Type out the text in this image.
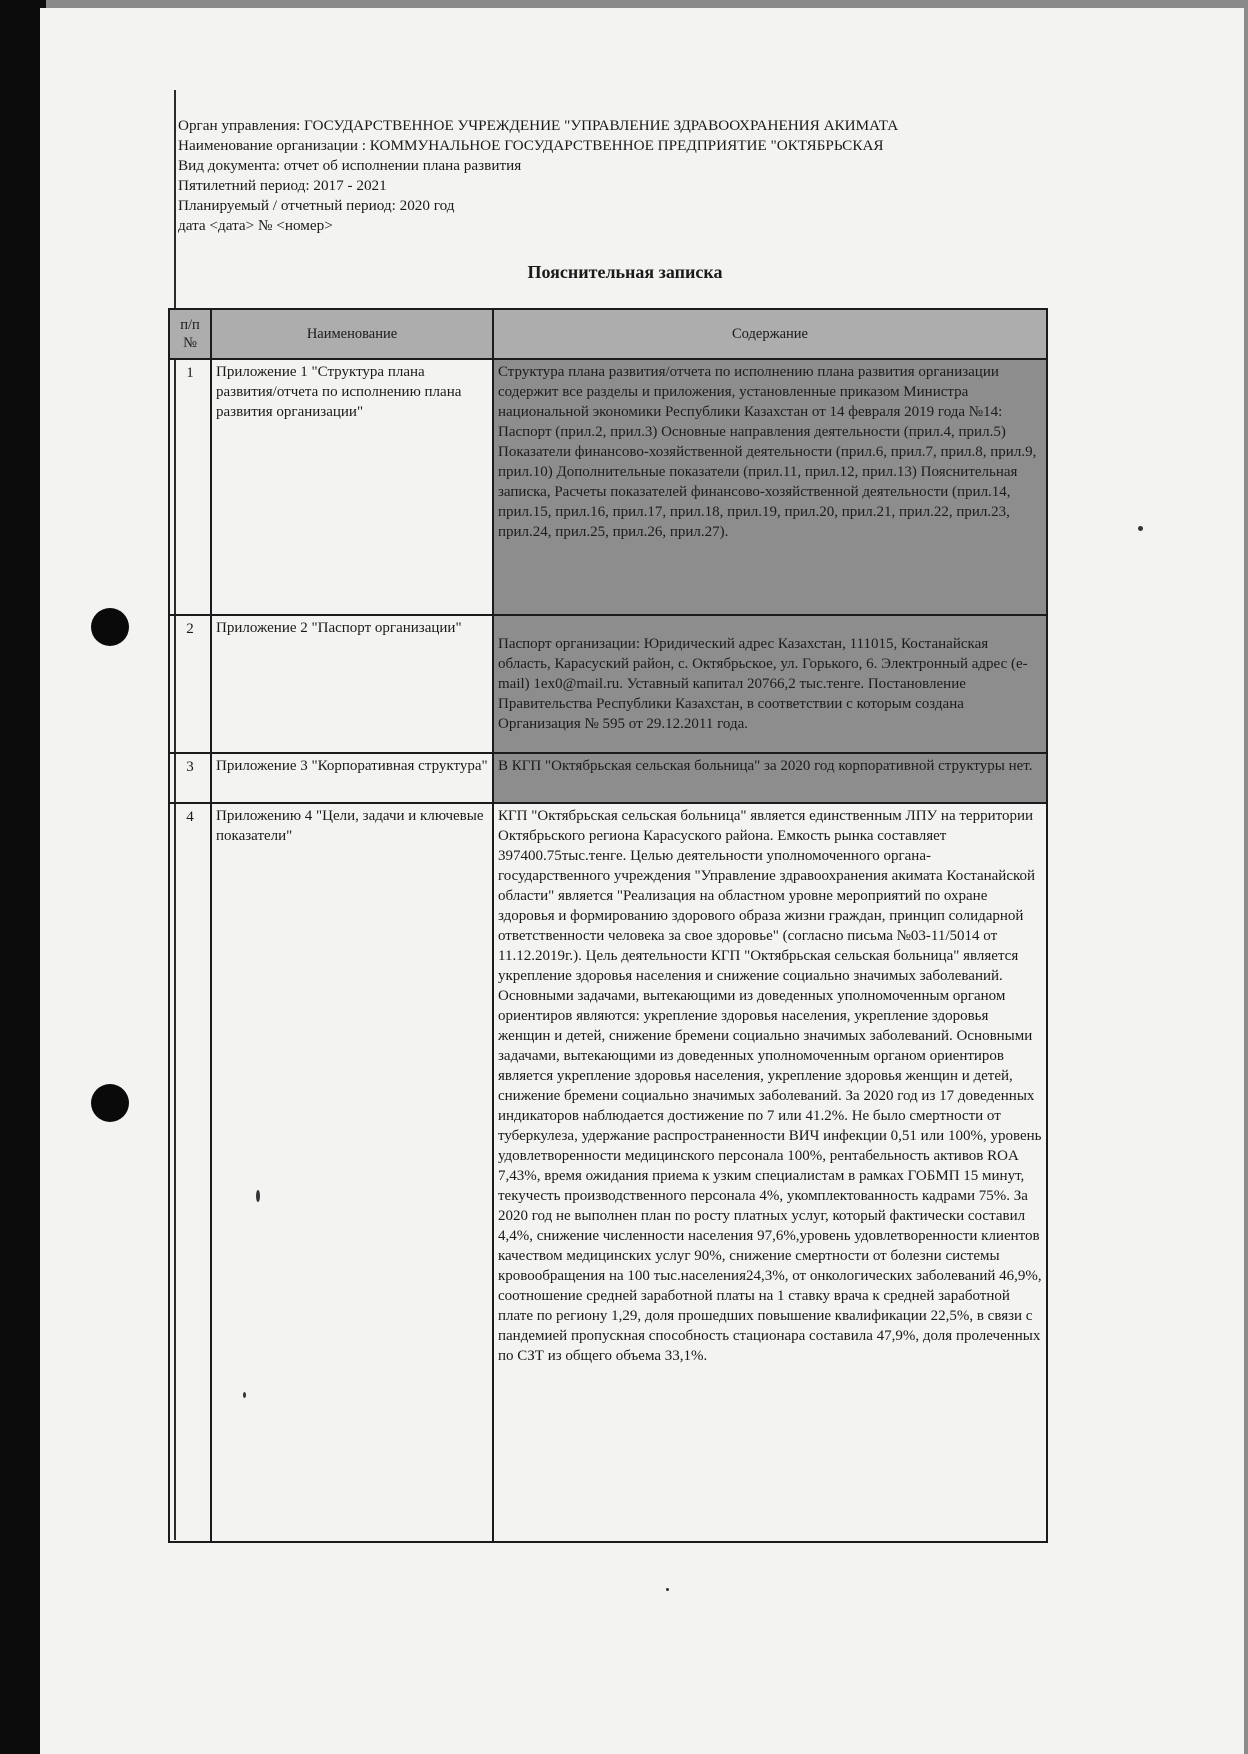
Орган управления: ГОСУДАРСТВЕННОЕ УЧРЕЖДЕНИЕ "УПРАВЛЕНИЕ ЗДРАВООХРАНЕНИЯ АКИМАТА
Наименование организации : КОММУНАЛЬНОЕ ГОСУДАРСТВЕННОЕ ПРЕДПРИЯТИЕ "ОКТЯБРЬСКАЯ
Вид документа: отчет об исполнении плана развития
Пятилетний период: 2017 - 2021
Планируемый / отчетный период: 2020 год
дата <дата> № <номер>
Пояснительная записка
п/п №	Наименование	Содержание
1	Приложение 1 "Структура плана развития/отчета по исполнению плана развития организации"	Структура плана развития/отчета по исполнению плана развития организации содержит все разделы и приложения, установленные приказом Министра национальной экономики Республики Казахстан от 14 февраля 2019 года №14: Паспорт (прил.2, прил.3) Основные направления деятельности (прил.4, прил.5) Показатели финансово-хозяйственной деятельности (прил.6, прил.7, прил.8, прил.9, прил.10) Дополнительные показатели (прил.11, прил.12, прил.13) Пояснительная записка, Расчеты показателей финансово-хозяйственной деятельности (прил.14, прил.15, прил.16, прил.17, прил.18, прил.19, прил.20, прил.21, прил.22, прил.23, прил.24, прил.25, прил.26, прил.27).
2	Приложение 2 "Паспорт организации"	Паспорт организации: Юридический адрес Казахстан, 111015, Костанайская область, Карасуский район, с. Октябрьское, ул. Горького, 6. Электронный адрес (e-mail) 1ex0@mail.ru. Уставный капитал 20766,2 тыс.тенге. Постановление Правительства Республики Казахстан, в соответствии с которым создана Организация № 595 от 29.12.2011 года.
3	Приложение 3 "Корпоративная структура"	В КГП "Октябрьская сельская больница" за 2020 год корпоративной структуры нет.
4	Приложению 4 "Цели, задачи и ключевые показатели"	КГП "Октябрьская сельская больница" является единственным ЛПУ на территории Октябрьского региона Карасуского района. Емкость рынка составляет 397400.75тыс.тенге. Целью деятельности уполномоченного органа-государственного учреждения "Управление здравоохранения акимата Костанайской области" является "Реализация на областном уровне мероприятий по охране здоровья и формированию здорового образа жизни граждан, принцип солидарной ответственности человека за свое здоровье" (согласно письма №03-11/5014 от 11.12.2019г.). Цель деятельности КГП "Октябрьская сельская больница" является укрепление здоровья населения и снижение социально значимых заболеваний. Основными задачами, вытекающими из доведенных уполномоченным органом ориентиров являются: укрепление здоровья населения, укрепление здоровья женщин и детей, снижение бремени социально значимых заболеваний. Основными задачами, вытекающими из доведенных уполномоченным органом ориентиров является укрепление здоровья населения, укрепление здоровья женщин и детей, снижение бремени социально значимых заболеваний. За 2020 год из 17 доведенных индикаторов наблюдается достижение по 7 или 41.2%. Не было смертности от туберкулеза, удержание распространенности ВИЧ инфекции 0,51 или 100%, уровень удовлетворенности медицинского персонала 100%, рентабельность активов ROA 7,43%, время ожидания приема к узким специалистам в рамках ГОБМП 15 минут, текучесть производственного персонала 4%, укомплектованность кадрами 75%. За 2020 год не выполнен план по росту платных услуг, который фактически составил 4,4%, снижение численности населения 97,6%,уровень удовлетворенности клиентов качеством медицинских услуг 90%, снижение смертности от болезни системы кровообращения на 100 тыс.населения24,3%, от онкологических заболеваний 46,9%, соотношение средней заработной платы на 1 ставку врача к средней заработной плате по региону 1,29, доля прошедших повышение квалификации 22,5%, в связи с пандемией пропускная способность стационара составила 47,9%, доля пролеченных по СЗТ из общего объема 33,1%.
